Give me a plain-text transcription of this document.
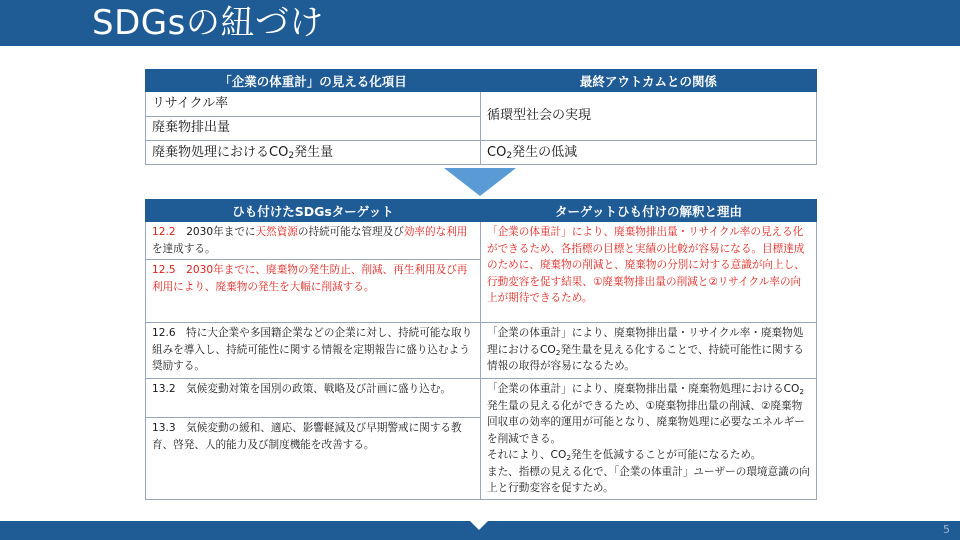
SDGsの紐づけ
「企業の体重計」の見える化項目	最終アウトカムとの関係
リサイクル率	循環型社会の実現
廃棄物排出量	
廃棄物処理における$CO_2$発生量	$CO_2$発生の低減
ひも付けたSDGsターゲット	ターゲットひも付けの解釈と理由
12.2　 2030年までに天然資源の持続可能な管理及び効率的な利用を達成する。	「企業の体重計」により、廃棄物排出量・リサイクル率の見える化ができるため、各指標の目標と実績の比較が容易になる。目標達成のために、廃棄物の削減と、廃棄物の分別に対する意識が向上し、行動変容を促す結果、①廃棄物排出量の削減と②リサイクル率の向上が期待できるため。
12.5　2030年までに、廃棄物の発生防止、削減、再生利用及び再利用により、廃棄物の発生を大幅に削減する。	
12.6　特に大企業や多国籍企業などの企業に対し、持続可能な取り組みを導入し、持続可能性に関する情報を定期報告に盛り込むよう奨励する。	「企業の体重計」により、廃棄物排出量・リサイクル率・廃棄物処理における$CO_2$発生量を見える化することで、持続可能性に関する情報の取得が容易になるため。
13.2　気候変動対策を国別の政策、戦略及び計画に盛り込む。	「企業の体重計」により、廃棄物排出量・廃棄物処理における$CO_2$発生量の見える化ができるため、①廃棄物排出量の削減、②廃棄物回収車の効率的運用が可能となり、廃棄物処理に必要なエネルギーを削減できる。
それにより、$CO_2$発生を低減することが可能になるため。
また、指標の見える化で、「企業の体重計」ユーザーの環境意識の向上と行動変容を促すため。
13.3　気候変動の緩和、適応、影響軽減及び早期警戒に関する教育、啓発、人的能力及び制度機能を改善する。	
5
